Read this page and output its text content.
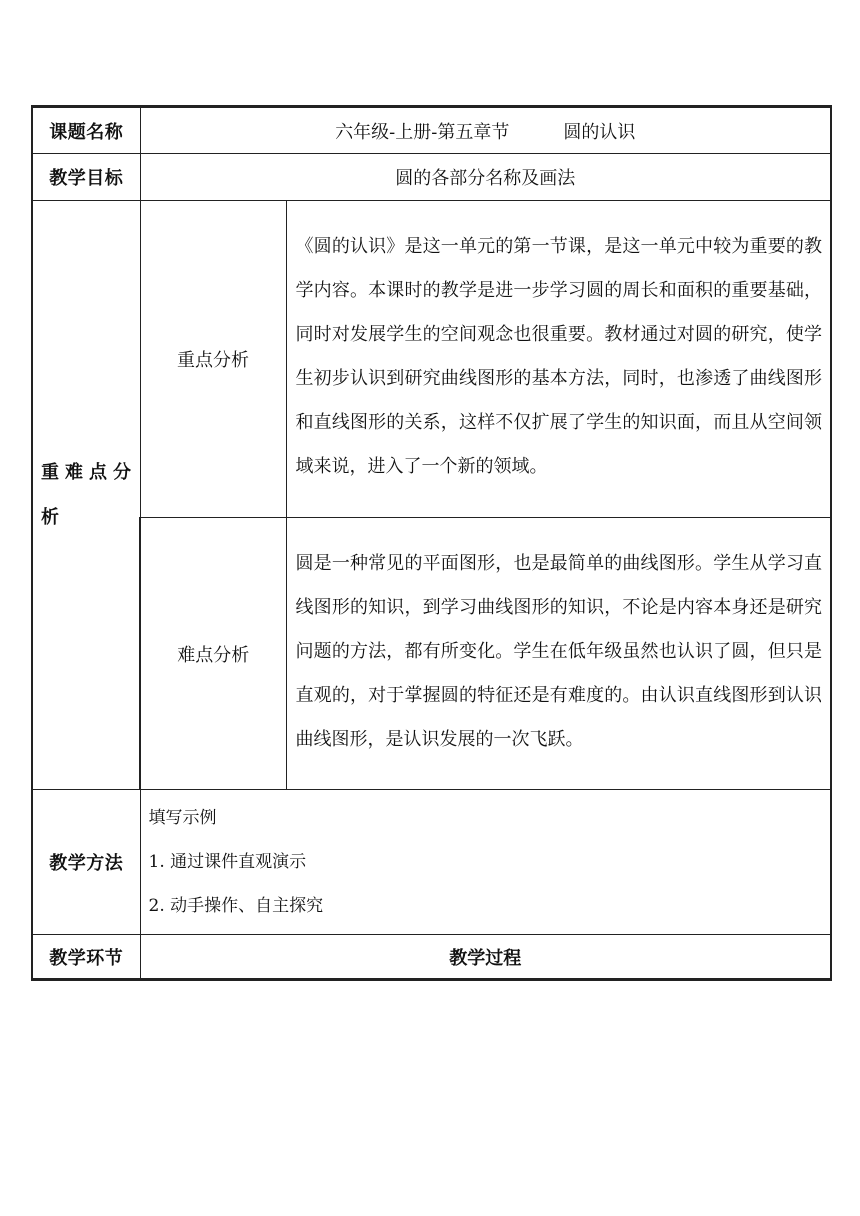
课题名称	六年级-上册-第五章节　　　圆的认识	
教学目标	圆的各部分名称及画法	
重难点分析	重点分析	《圆的认识》是这一单元的第一节课，是这一单元中较为重要的教学内容。本课时的教学是进一步学习圆的周长和面积的重要基础，同时对发展学生的空间观念也很重要。教材通过对圆的研究，使学生初步认识到研究曲线图形的基本方法，同时，也渗透了曲线图形和直线图形的关系，这样不仅扩展了学生的知识面，而且从空间领域来说，进入了一个新的领域。
	难点分析	圆是一种常见的平面图形，也是最简单的曲线图形。学生从学习直线图形的知识，到学习曲线图形的知识，不论是内容本身还是研究问题的方法，都有所变化。学生在低年级虽然也认识了圆，但只是直观的，对于掌握圆的特征还是有难度的。由认识直线图形到认识曲线图形，是认识发展的一次飞跃。
教学方法	填写示例
1. 通过课件直观演示
2. 动手操作、自主探究	

教学环节	教学过程	
